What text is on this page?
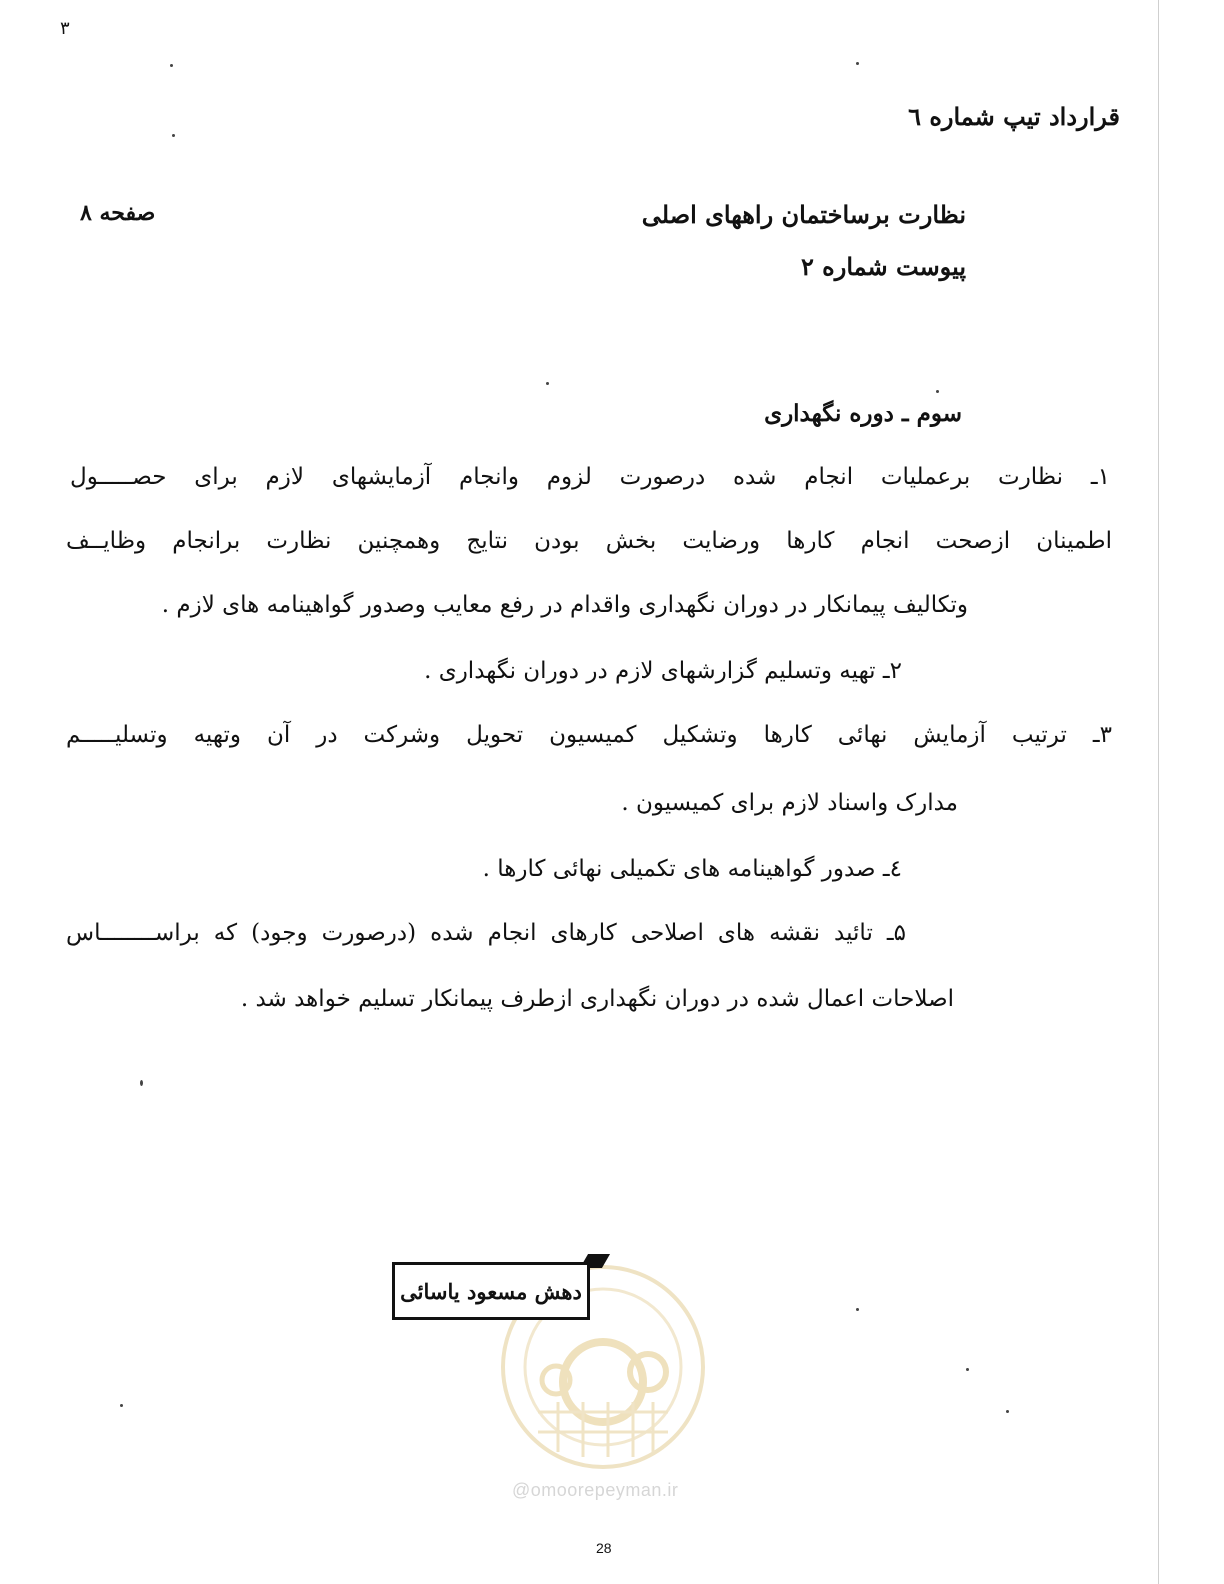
۳
قرارداد تیپ شماره ٦
نظارت برساختمان راههای اصلی
صفحه ۸
پیوست شماره ۲
سوم ـ دوره نگهداری
۱ـ نظارت برعملیات انجام شده درصورت لزوم وانجام آزمایشهای لازم برای حصـــــول
اطمینان ازصحت انجام کارها ورضایت بخش بودن نتایج وهمچنین نظارت برانجام وظایــف
وتکالیف پیمانکار در دوران نگهداری واقدام در رفع معایب وصدور گواهینامه های لازم .
۲ـ تهیه وتسلیم گزارشهای لازم در دوران نگهداری .
۳ـ ترتیب آزمایش نهائی کارها وتشکیل کمیسیون تحویل وشرکت در آن وتهیه وتسلیـــــم
مدارک واسناد لازم برای کمیسیون .
٤ـ صدور گواهینامه های تکمیلی نهائی کارها .
۵ـ تائید نقشه های اصلاحی کارهای انجام شده (درصورت وجود) که براســــــــاس
اصلاحات اعمال شده در دوران نگهداری ازطرف پیمانکار تسلیم خواهد شد .
دهش مسعود یاسائی
@omoorepeyman.ir
28
